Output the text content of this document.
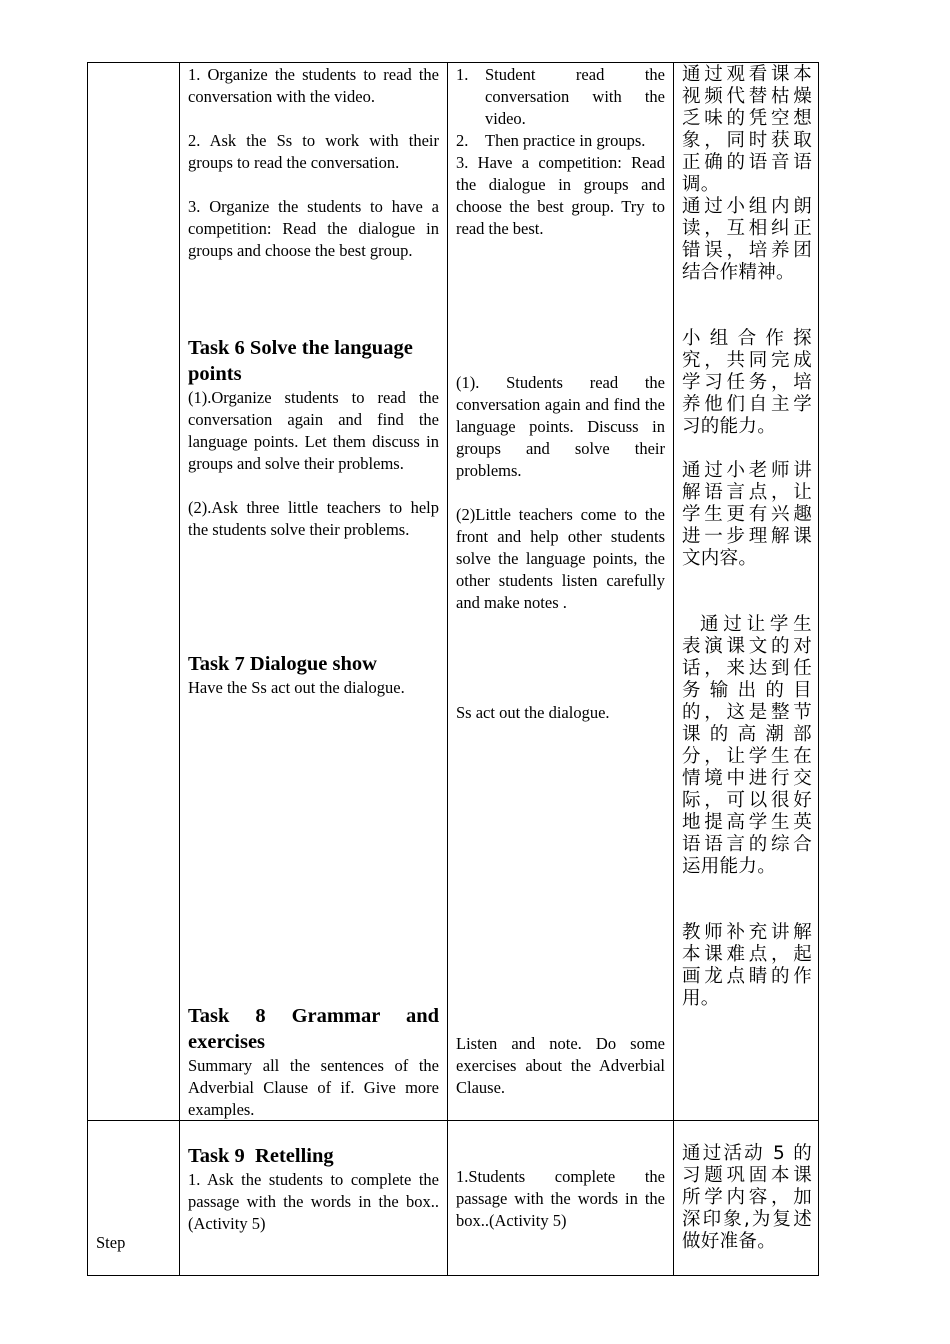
1. Organize the students to read the conversation with the video.

2. Ask the Ss to work with their groups to read the conversation.

3. Organize the students to have a competition: Read the dialogue in groups and choose the best group.

1. Student read the conversation with the video.
2. Then practice in groups.

3. Have a competition: Read the dialogue in groups and choose the best group. Try to read the best.

通过观看课本视频代替枯燥乏味的凭空想象，同时获取正确的语音语调。

通过小组内朗读，互相纠正错误，培养团结合作精神。

小组合作探究，共同完成学习任务，培养他们自主学习的能力。

通过小老师讲解语言点，让学生更有兴趣进一步理解课文内容。

通过让学生表演课文的对话，来达到任务输出的目的，这是整节课的高潮部分，让学生在情境中进行交际，可以很好地提高学生英语语言的综合运用能力。

教师补充讲解本课难点，起画龙点睛的作用。

Task 6 Solve the language points

(1).Organize students to read the conversation again and find the language points. Let them discuss in groups and solve their problems.

(2).Ask three little teachers to help the students solve their problems.

(1). Students read the conversation again and find the language points. Discuss in groups and solve their problems.

(2)Little teachers come to the front and help other students solve the language points, the other students listen carefully and make notes .

Task 7 Dialogue show

Have the Ss act out the dialogue.

Ss act out the dialogue.

Task 8 Grammar and exercises

Summary all the sentences of the Adverbial Clause of if. Give more examples.

Listen and note. Do some exercises about the Adverbial Clause.

Step
Task 9  Retelling

1. Ask the students to complete the passage with the words in the box..(Activity 5)

1.Students complete the passage with the words in the box..(Activity 5)

通过活动 5 的习题巩固本课所学内容，加深印象,为复述做好准备。
